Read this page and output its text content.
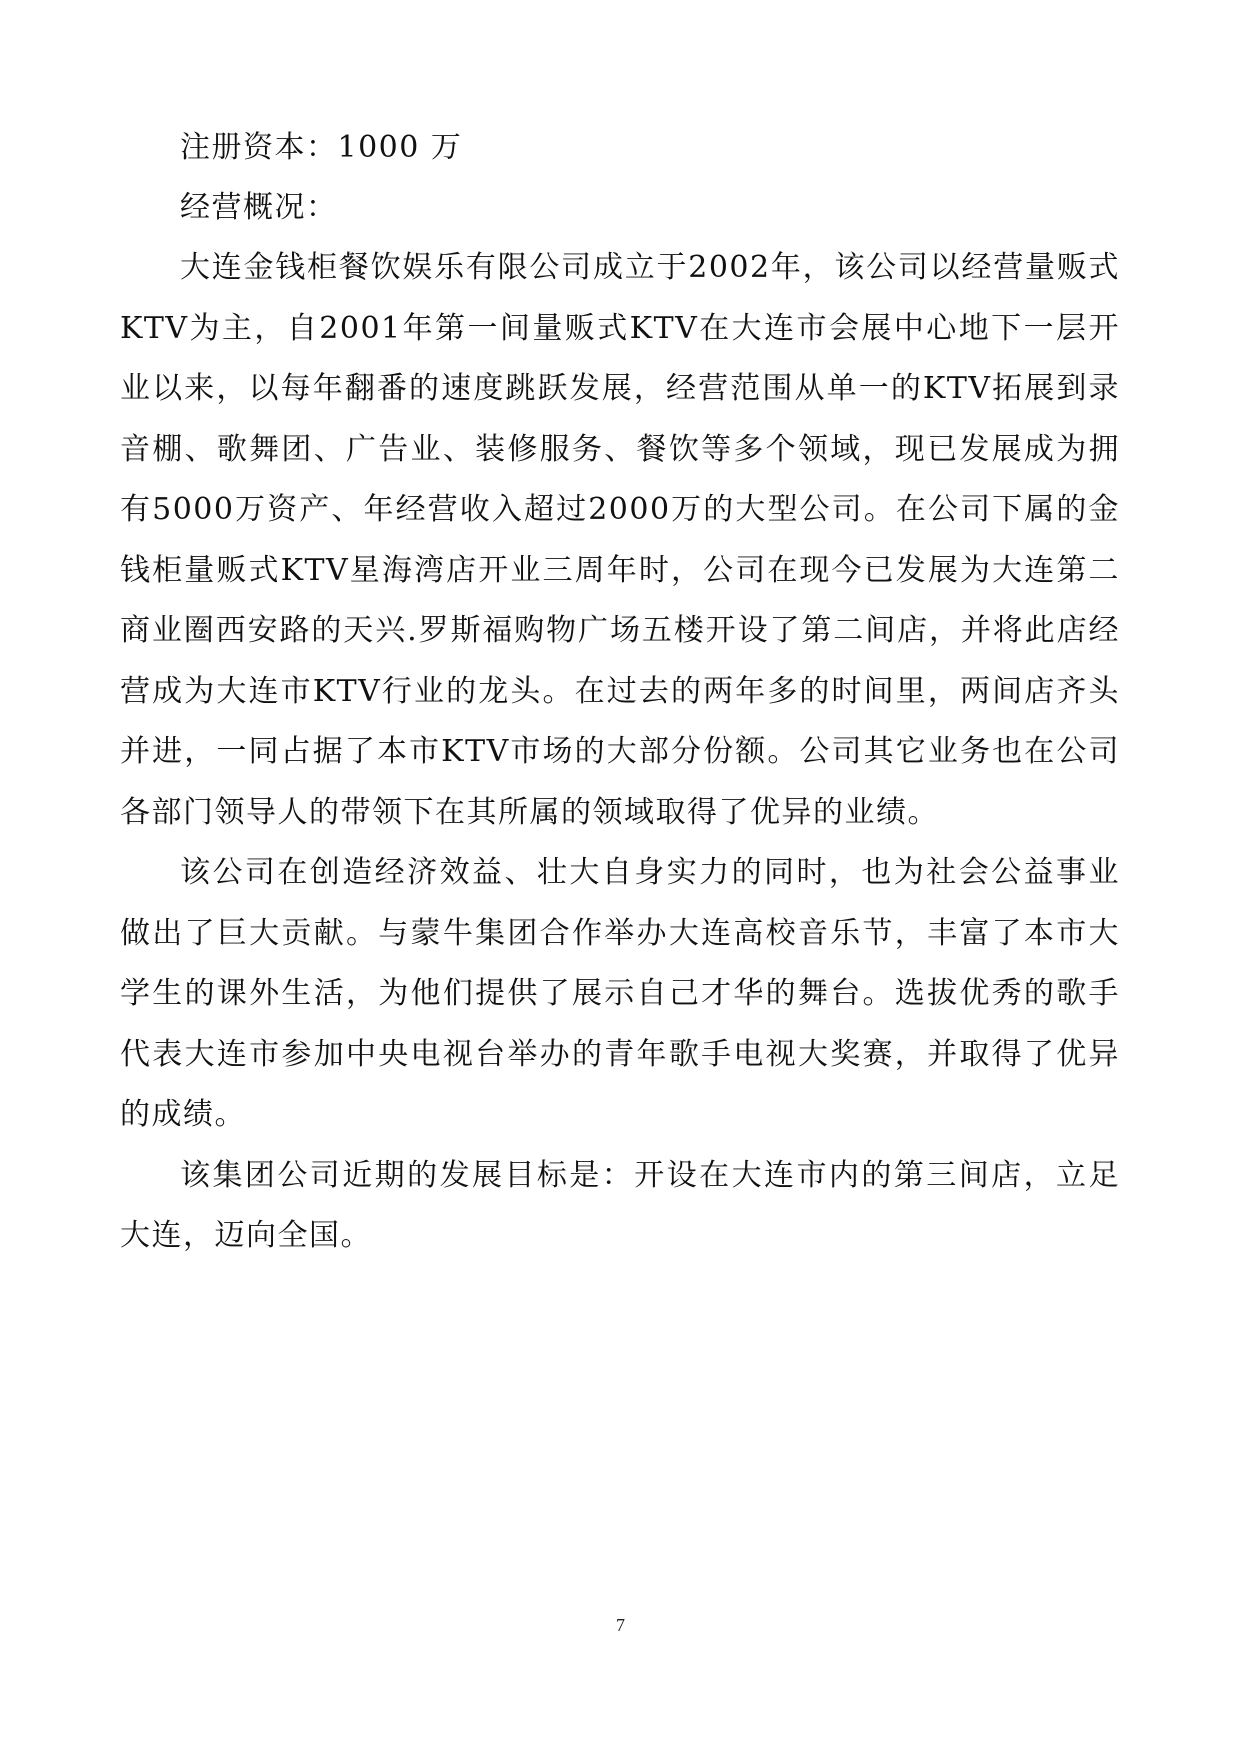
注册资本：1000 万

经营概况：

大连金钱柜餐饮娱乐有限公司成立于2002年，该公司以经营量贩式KTV为主，自2001年第一间量贩式KTV在大连市会展中心地下一层开业以来，以每年翻番的速度跳跃发展，经营范围从单一的KTV拓展到录音棚、歌舞团、广告业、装修服务、餐饮等多个领域，现已发展成为拥有5000万资产、年经营收入超过2000万的大型公司。在公司下属的金钱柜量贩式KTV星海湾店开业三周年时，公司在现今已发展为大连第二商业圈西安路的天兴.罗斯福购物广场五楼开设了第二间店，并将此店经营成为大连市KTV行业的龙头。在过去的两年多的时间里，两间店齐头并进，一同占据了本市KTV市场的大部分份额。公司其它业务也在公司各部门领导人的带领下在其所属的领域取得了优异的业绩。

该公司在创造经济效益、壮大自身实力的同时，也为社会公益事业做出了巨大贡献。与蒙牛集团合作举办大连高校音乐节，丰富了本市大学生的课外生活，为他们提供了展示自己才华的舞台。选拔优秀的歌手代表大连市参加中央电视台举办的青年歌手电视大奖赛，并取得了优异的成绩。

该集团公司近期的发展目标是：开设在大连市内的第三间店，立足大连，迈向全国。

7
